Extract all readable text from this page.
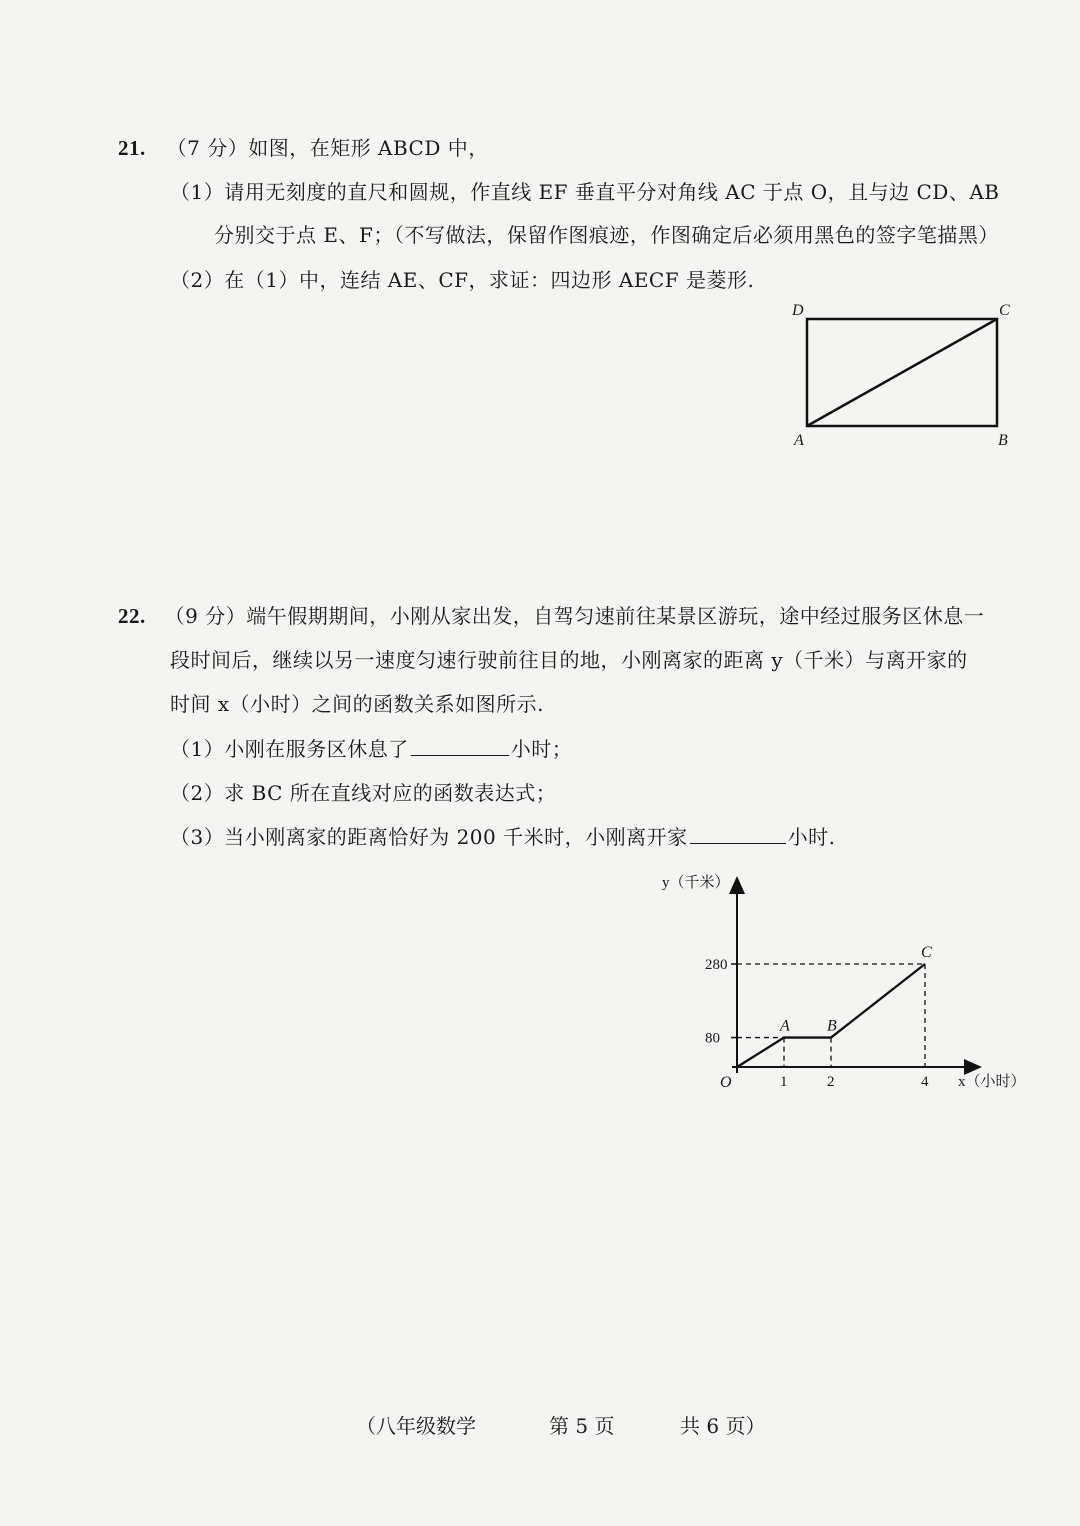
21. （7 分）如图，在矩形 ABCD 中，
（1）请用无刻度的直尺和圆规，作直线 EF 垂直平分对角线 AC 于点 O，且与边 CD、AB
分别交于点 E、F；（不写做法，保留作图痕迹，作图确定后必须用黑色的签字笔描黑）
（2）在（1）中，连结 AE、CF，求证：四边形 AECF 是菱形.
D	C
A	B
22. （9 分）端午假期期间，小刚从家出发，自驾匀速前往某景区游玩，途中经过服务区休息一
段时间后，继续以另一速度匀速行驶前往目的地，小刚离家的距离 y（千米）与离开家的
时间 x（小时）之间的函数关系如图所示.
（1）小刚在服务区休息了	小时；
（2）求 BC 所在直线对应的函数表达式；
（3）当小刚离家的距离恰好为 200 千米时，小刚离开家	小时.
y（千米）
x（小时）
O
80
280
1	2	4
A B
C
（八年级数学	第 5 页	共 6 页）
